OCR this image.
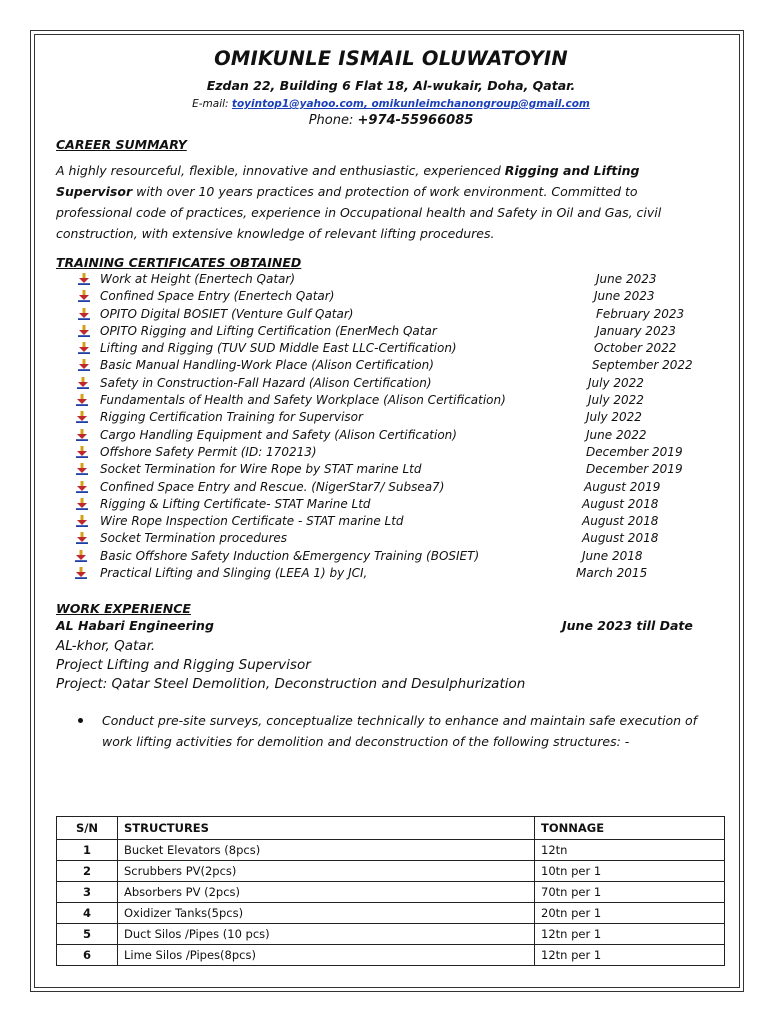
OMIKUNLE ISMAIL OLUWATOYIN
Ezdan 22, Building 6 Flat 18, Al-wukair, Doha, Qatar.
E-mail: toyintop1@yahoo.com, omikunleimchanongroup@gmail.com
Phone: +974-55966085
CAREER SUMMARY

A highly resourceful, flexible, innovative and enthusiastic, experienced Rigging and Lifting Supervisor with over 10 years practices and protection of work environment. Committed to professional code of practices, experience in Occupational health and Safety in Oil and Gas, civil construction, with extensive knowledge of relevant lifting procedures.

TRAINING CERTIFICATES OBTAINED
Work at Height (Enertech Qatar)	June 2023
Confined Space Entry (Enertech Qatar)	June 2023
OPITO Digital BOSIET (Venture Gulf Qatar)	February 2023
OPITO Rigging and Lifting Certification (EnerMech Qatar	January 2023
Lifting and Rigging (TUV SUD Middle East LLC-Certification)	October 2022
Basic Manual Handling-Work Place (Alison Certification)	September 2022
Safety in Construction-Fall Hazard (Alison Certification)	July 2022
Fundamentals of Health and Safety Workplace (Alison Certification)	July 2022
Rigging Certification Training for Supervisor	July 2022
Cargo Handling Equipment and Safety (Alison Certification)	June 2022
Offshore Safety Permit (ID: 170213)	December 2019
Socket Termination for Wire Rope by STAT marine Ltd	December 2019
Confined Space Entry and Rescue. (NigerStar7/ Subsea7)	August 2019
Rigging & Lifting Certificate- STAT Marine Ltd	August 2018
Wire Rope Inspection Certificate - STAT marine Ltd	August 2018
Socket Termination procedures	August 2018
Basic Offshore Safety Induction &Emergency Training (BOSIET)	June 2018
Practical Lifting and Slinging (LEEA 1) by JCI,	March 2015
WORK EXPERIENCE
AL Habari Engineering	June 2023 till Date
AL-khor, Qatar.
Project Lifting and Rigging Supervisor
Project: Qatar Steel Demolition, Deconstruction and Desulphurization
Conduct pre-site surveys, conceptualize technically to enhance and maintain safe execution of work lifting activities for demolition and deconstruction of the following structures: -
S/N	STRUCTURES	TONNAGE
1	Bucket Elevators (8pcs)	12tn
2	Scrubbers PV(2pcs)	10tn per 1
3	Absorbers PV (2pcs)	70tn per 1
4	Oxidizer Tanks(5pcs)	20tn per 1
5	Duct Silos /Pipes (10 pcs)	12tn per 1
6	Lime Silos /Pipes(8pcs)	12tn per 1
